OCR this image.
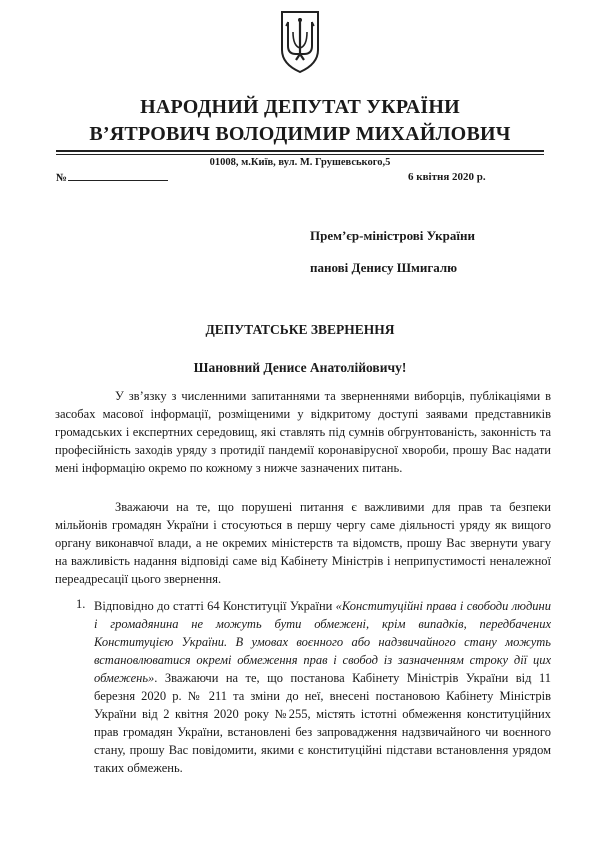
НАРОДНИЙ ДЕПУТАТ УКРАЇНИ
В’ЯТРОВИЧ ВОЛОДИМИР МИХАЙЛОВИЧ
01008, м.Київ, вул. М. Грушевського,5
№	6 квітня 2020 р.
Прем’єр-міністрові України
панові Денису Шмигалю
ДЕПУТАТСЬКЕ ЗВЕРНЕННЯ
Шановний Денисе Анатолійовичу!
У зв’язку з численними запитаннями та зверненнями виборців, публікаціями в засобах масової інформації, розміщеними у відкритому доступі заявами представників громадських і експертних середовищ, які ставлять під сумнів обгрунтованість, законність та професійність заходів уряду з протидії пандемії коронавірусної хвороби, прошу Вас надати мені інформацію окремо по кожному з нижче зазначених питань.
Зважаючи на те, що порушені питання є важливими для прав та безпеки мільйонів громадян України і стосуються в першу чергу саме діяльності уряду як вищого органу виконавчої влади, а не окремих міністерств та відомств, прошу Вас звернути увагу на важливість надання відповіді саме від Кабінету Міністрів і неприпустимості неналежної переадресації цього звернення.
1. Відповідно до статті 64 Конституції України «Конституційні права і свободи людини і громадянина не можуть бути обмежені, крім випадків, передбачених Конституцією України. В умовах воєнного або надзвичайного стану можуть встановлюватися окремі обмеження прав і свобод із зазначенням строку дії цих обмежень». Зважаючи на те, що постанова Кабінету Міністрів України від 11 березня 2020 р. № 211 та зміни до неї, внесені постановою Кабінету Міністрів України від 2 квітня 2020 року №255, містять істотні обмеження конституційних прав громадян України, встановлені без запровадження надзвичайного чи воєнного стану, прошу Вас повідомити, якими є конституційні підстави встановлення урядом таких обмежень.
